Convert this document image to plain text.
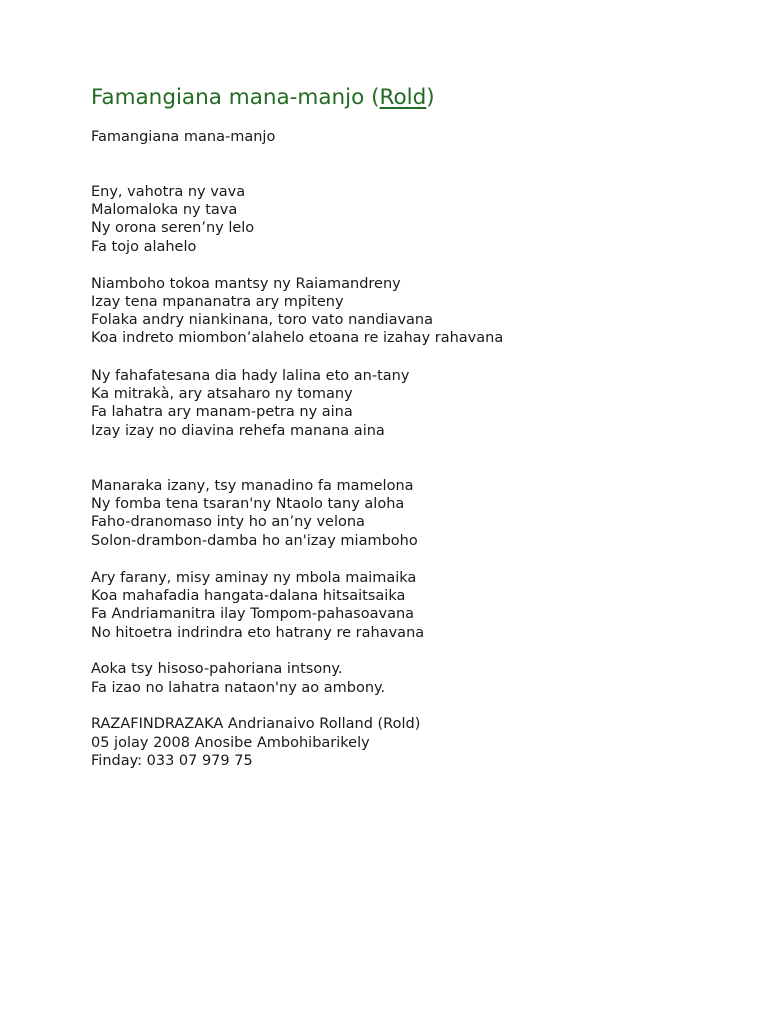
Famangiana mana-manjo (Rold)

Famangiana mana-manjo

Eny, vahotra ny vava

Malomaloka ny tava

Ny orona seren’ny lelo

Fa tojo alahelo

Niamboho tokoa mantsy ny Raiamandreny

Izay tena mpananatra ary mpiteny

Folaka andry niankinana, toro vato nandiavana

Koa indreto miombon’alahelo etoana re izahay rahavana

Ny fahafatesana dia hady lalina eto an-tany

Ka mitrakà, ary atsaharo ny tomany

Fa lahatra ary manam-petra ny aina

Izay izay no diavina rehefa manana aina

Manaraka izany, tsy manadino fa mamelona

Ny fomba tena tsaran'ny Ntaolo tany aloha

Faho-dranomaso inty ho an’ny velona

Solon-drambon-damba ho an'izay miamboho

Ary farany, misy aminay ny mbola maimaika

Koa mahafadia hangata-dalana hitsaitsaika

Fa Andriamanitra ilay Tompom-pahasoavana

No hitoetra indrindra eto hatrany re rahavana

Aoka tsy hisoso-pahoriana intsony.

Fa izao no lahatra nataon'ny ao ambony.

RAZAFINDRAZAKA Andrianaivo Rolland (Rold)

05 jolay 2008 Anosibe Ambohibarikely

Finday: 033 07 979 75
